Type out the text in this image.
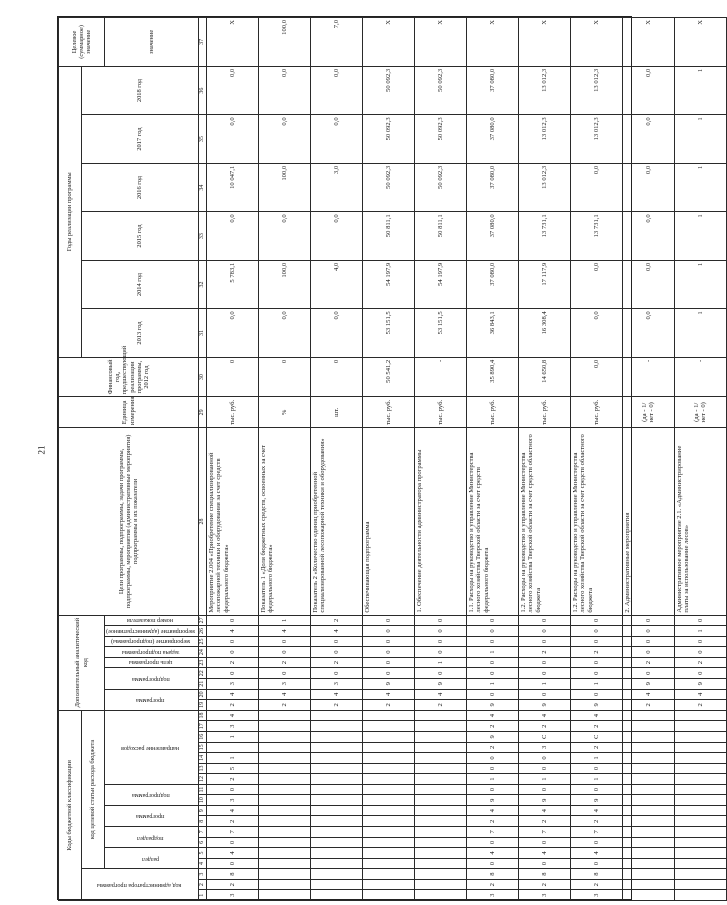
21
Коды бюджетной классификации																		Дополнительный аналитический код									Цели программы, подпрограммы, задачи программы, подпрограммы, мероприятия (административные мероприятия) подпрограммы и их показатели	Единица измерения	Финансовый год, предшествующий реализации программы, 2012 год	Годы реализации программы						Целевое (суммарное) значение
код администратора программы			код целевой статьи расхода бюджета																											2013 год	2014 год	2015 год	2016 год	2017 год	2018 год	
			раздел		подраздел		программа		подпрограмма		направление расходов							программа		подпрограмма		цель программы	задача подпрограммы	мероприятие (подпрограммы)	мероприятие (административное)	номер показателя										значение
1	2	3	4	5	6	7	8	9	10	11	12	13	14	15	16	17	18	19	20	21	22	23	24	25	26	27	28	29	30	31	32	33	34	35	36	37
3	2	8	0	4	0	7	2	4	3	0	2	5	1		1	3	4	2	4	3	0	2	0	0	4	0	Мероприятие 2.004 «Приобретение специализированной лесопожарной техники и оборудования за счет средств федерального бюджета»	тыс. руб.	0	0,0	5 783,1	0,0	10 047,1	0,0	0,0	X
																		2	4	3	0	2	0	0	4	1	Показатель 1 «Доля бюджетных средств, освоенных за счет федерального бюджета»	%	0	0,0	100,0	0,0	100,0	0,0	0,0	100,0
																		2	4	3	0	2	0	0	4	2	Показатель 2 «Количество единиц приобретенной специализированной лесопожарной техники и оборудования»	шт.	0	0,0	4,0	0,0	3,0	0,0	0,0	7,0
																		2	4	9	0	0	0	0	0	0	Обеспечивающая подпрограмма	тыс. руб.	50 541,2	53 151,5	54 197,9	50 811,1	50 092,3	50 092,3	50 092,3	X
																		2	4	9	0	1	0	0	0	0	1. Обеспечение деятельности администратора программы	тыс. руб.	-	53 151,5	54 197,9	50 811,1	50 092,3	50 092,3	50 092,3	X
3	2	8	0	4	0	7	2	4	9	0	1	0	0	2	9	2	4	9	0	1	0	0	1	0	0	0	1.1. Расходы на руководство и управление Министерства лесного хозяйства Тверской области за счет средств федерального бюджета	тыс. руб.	35 890,4	36 843,1	37 080,0	37 080,0	37 080,0	37 080,0	37 080,0	X
3	2	8	0	4	0	7	2	4	9	0	1	0	0	3	C	2	4	9	0	1	0	0	2	0	0	0	1.2. Расходы на руководство и управление Министерства лесного хозяйства Тверской области за счет средств областного бюджета	тыс. руб.	14 650,8	16 308,4	17 117,9	13 731,1	13 012,3	13 012,3	13 012,3	X
3	2	8	0	4	0	7	2	4	9	0	1	0	1	2	C	2	4	9	0	1	0	0	2	0	0	0	1.2. Расходы на руководство и управление Министерства лесного хозяйства Тверской области за счет средств областного бюджета	тыс. руб.	0,0	0,0	0,0	13 731,1	0,0	13 012,3	13 012,3	X
																		2	4	9	0	2	0	0	0	0	2. Административные мероприятия	(да - 1/ нет - 0)	-	0,0	0,0	0,0	0,0	0,0	0,0	X
																		2	4	9	0	2	0	0	1	0	Административное мероприятие 2.1. «Администрирование платы за использование лесов»	(да - 1/ нет - 0)	-	1	1	1	1	1	1	X
